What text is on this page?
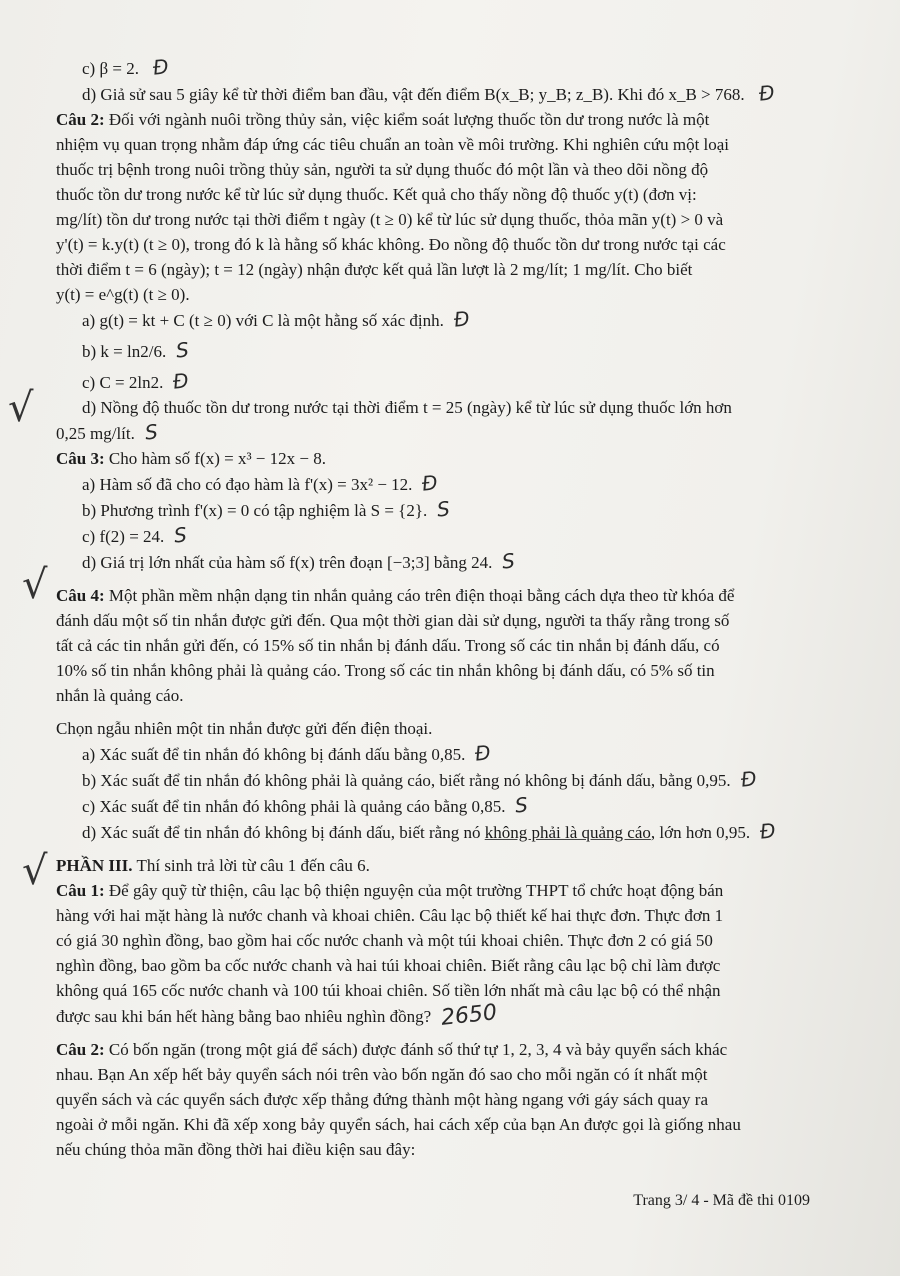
c) β = 2. Đ
d) Giả sử sau 5 giây kể từ thời điểm ban đầu, vật đến điểm B(x_B; y_B; z_B). Khi đó x_B > 768. Đ
Câu 2: Đối với ngành nuôi trồng thủy sản, việc kiểm soát lượng thuốc tồn dư trong nước là một
nhiệm vụ quan trọng nhằm đáp ứng các tiêu chuẩn an toàn về môi trường. Khi nghiên cứu một loại
thuốc trị bệnh trong nuôi trồng thủy sản, người ta sử dụng thuốc đó một lần và theo dõi nồng độ
thuốc tồn dư trong nước kể từ lúc sử dụng thuốc. Kết quả cho thấy nồng độ thuốc y(t) (đơn vị:
mg/lít) tồn dư trong nước tại thời điểm t ngày (t ≥ 0) kể từ lúc sử dụng thuốc, thỏa mãn y(t) > 0 và
y'(t) = k.y(t) (t ≥ 0), trong đó k là hằng số khác không. Đo nồng độ thuốc tồn dư trong nước tại các
thời điểm t = 6 (ngày); t = 12 (ngày) nhận được kết quả lần lượt là 2 mg/lít; 1 mg/lít. Cho biết
y(t) = e^g(t) (t ≥ 0).
a) g(t) = kt + C (t ≥ 0) với C là một hằng số xác định. Đ
b) k = ln2/6. S
c) C = 2ln2. Đ
d) Nồng độ thuốc tồn dư trong nước tại thời điểm t = 25 (ngày) kể từ lúc sử dụng thuốc lớn hơn
0,25 mg/lít. S
Câu 3: Cho hàm số f(x) = x³ − 12x − 8.
a) Hàm số đã cho có đạo hàm là f'(x) = 3x² − 12. Đ
b) Phương trình f'(x) = 0 có tập nghiệm là S = {2}. S
c) f(2) = 24. S
d) Giá trị lớn nhất của hàm số f(x) trên đoạn [−3;3] bằng 24. S
Câu 4: Một phần mềm nhận dạng tin nhắn quảng cáo trên điện thoại bằng cách dựa theo từ khóa để
đánh dấu một số tin nhắn được gửi đến. Qua một thời gian dài sử dụng, người ta thấy rằng trong số
tất cả các tin nhắn gửi đến, có 15% số tin nhắn bị đánh dấu. Trong số các tin nhắn bị đánh dấu, có
10% số tin nhắn không phải là quảng cáo. Trong số các tin nhắn không bị đánh dấu, có 5% số tin
nhắn là quảng cáo.
Chọn ngẫu nhiên một tin nhắn được gửi đến điện thoại.
a) Xác suất để tin nhắn đó không bị đánh dấu bằng 0,85. Đ
b) Xác suất để tin nhắn đó không phải là quảng cáo, biết rằng nó không bị đánh dấu, bằng 0,95. Đ
c) Xác suất để tin nhắn đó không phải là quảng cáo bằng 0,85. S
d) Xác suất để tin nhắn đó không bị đánh dấu, biết rằng nó không phải là quảng cáo, lớn hơn 0,95. Đ
PHẦN III. Thí sinh trả lời từ câu 1 đến câu 6.
Câu 1: Để gây quỹ từ thiện, câu lạc bộ thiện nguyện của một trường THPT tổ chức hoạt động bán
hàng với hai mặt hàng là nước chanh và khoai chiên. Câu lạc bộ thiết kế hai thực đơn. Thực đơn 1
có giá 30 nghìn đồng, bao gồm hai cốc nước chanh và một túi khoai chiên. Thực đơn 2 có giá 50
nghìn đồng, bao gồm ba cốc nước chanh và hai túi khoai chiên. Biết rằng câu lạc bộ chỉ làm được
không quá 165 cốc nước chanh và 100 túi khoai chiên. Số tiền lớn nhất mà câu lạc bộ có thể nhận
được sau khi bán hết hàng bằng bao nhiêu nghìn đồng? 2650
Câu 2: Có bốn ngăn (trong một giá để sách) được đánh số thứ tự 1, 2, 3, 4 và bảy quyển sách khác
nhau. Bạn An xếp hết bảy quyển sách nói trên vào bốn ngăn đó sao cho mỗi ngăn có ít nhất một
quyển sách và các quyển sách được xếp thẳng đứng thành một hàng ngang với gáy sách quay ra
ngoài ở mỗi ngăn. Khi đã xếp xong bảy quyển sách, hai cách xếp của bạn An được gọi là giống nhau
nếu chúng thỏa mãn đồng thời hai điều kiện sau đây:
√
√
√
Trang 3/ 4 - Mã đề thi 0109
